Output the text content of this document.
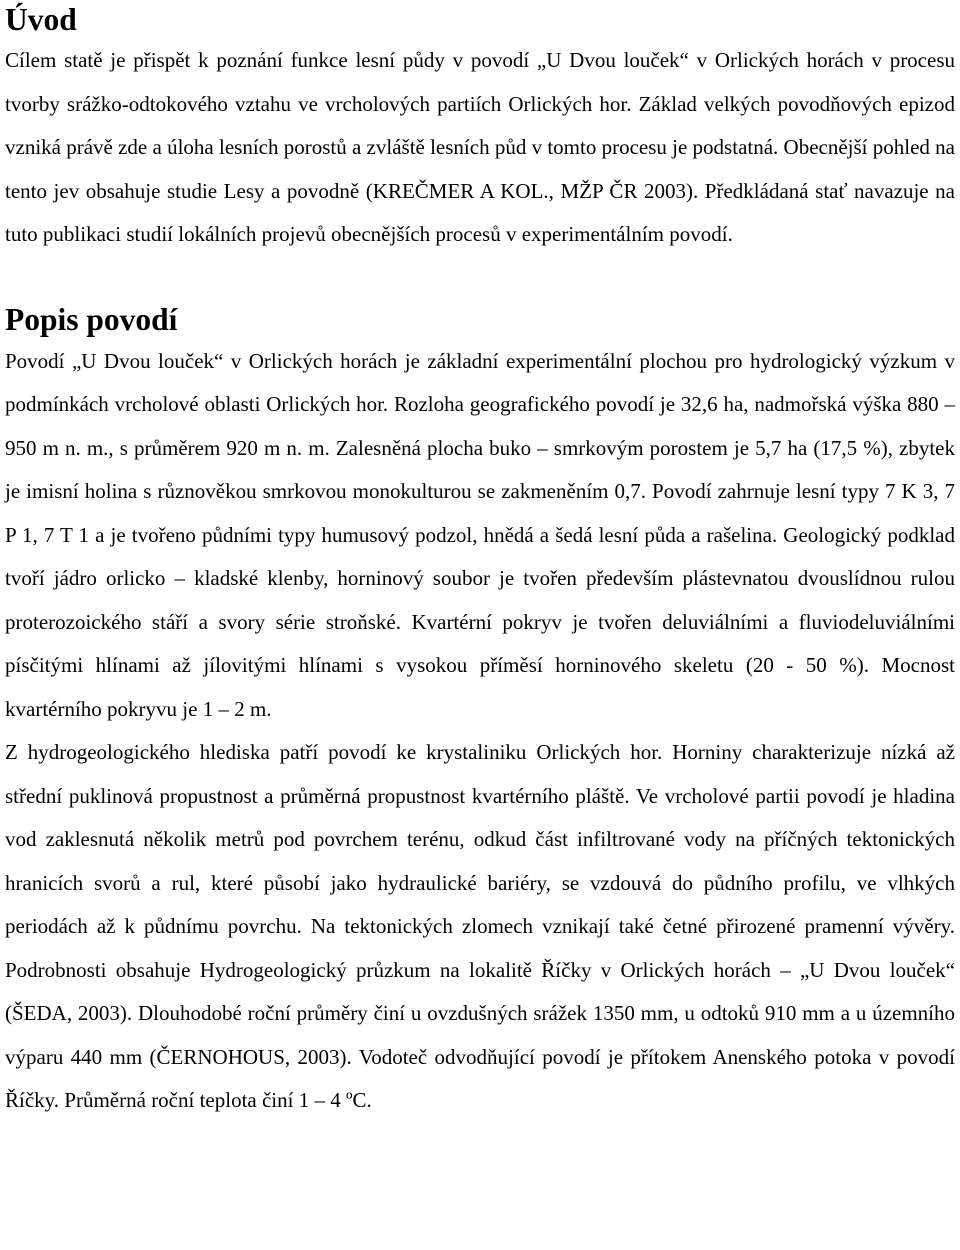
Úvod

Cílem statě je přispět k poznání funkce lesní půdy v povodí „U Dvou louček“ v Orlických horách v procesu tvorby srážko-odtokového vztahu ve vrcholových partiích Orlických hor. Základ velkých povodňových epizod vzniká právě zde a úloha lesních porostů a zvláště lesních půd v tomto procesu je podstatná. Obecnější pohled na tento jev obsahuje studie Lesy a povodně (KREČMER A KOL., MŽP ČR 2003). Předkládaná stať navazuje na tuto publikaci studií lokálních projevů obecnějších procesů v experimentálním povodí.

Popis povodí

Povodí „U Dvou louček“ v Orlických horách je základní experimentální plochou pro hydrologický výzkum v podmínkách vrcholové oblasti Orlických hor. Rozloha geografického povodí je 32,6 ha, nadmořská výška 880 – 950 m n. m., s průměrem 920 m n. m. Zalesněná plocha buko – smrkovým porostem je 5,7 ha (17,5 %), zbytek je imisní holina s různověkou smrkovou monokulturou se zakmeněním 0,7. Povodí zahrnuje lesní typy 7 K 3, 7 P 1, 7 T 1 a je tvořeno půdními typy humusový podzol, hnědá a šedá lesní půda a rašelina. Geologický podklad tvoří jádro orlicko – kladské klenby, horninový soubor je tvořen především plástevnatou dvouslídnou rulou proterozoického stáří a svory série stroňské. Kvartérní pokryv je tvořen deluviálními a fluviodeluviálními písčitými hlínami až jílovitými hlínami s vysokou příměsí horninového skeletu (20 - 50 %). Mocnost kvartérního pokryvu je 1 – 2 m.

Z hydrogeologického hlediska patří povodí ke krystaliniku Orlických hor. Horniny charakterizuje nízká až střední puklinová propustnost a průměrná propustnost kvartérního pláště. Ve vrcholové partii povodí je hladina vod zaklesnutá několik metrů pod povrchem terénu, odkud část infiltrované vody na příčných tektonických hranicích svorů a rul, které působí jako hydraulické bariéry, se vzdouvá do půdního profilu, ve vlhkých periodách až k půdnímu povrchu. Na tektonických zlomech vznikají také četné přirozené pramenní vývěry. Podrobnosti obsahuje Hydrogeologický průzkum na lokalitě Říčky v Orlických horách – „U Dvou louček“ (ŠEDA, 2003). Dlouhodobé roční průměry činí u ovzdušných srážek 1350 mm, u odtoků 910 mm a u územního výparu 440 mm (ČERNOHOUS, 2003). Vodoteč odvodňující povodí je přítokem Anenského potoka v povodí Říčky. Průměrná roční teplota činí 1 – 4 ºC.
